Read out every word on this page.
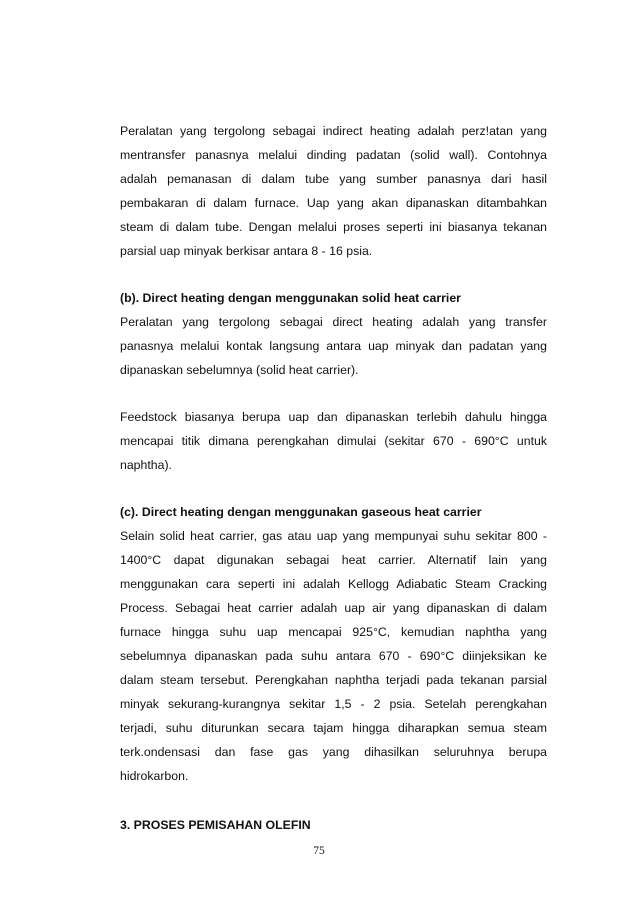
Peralatan yang tergolong sebagai indirect heating adalah perz!atan yang
mentransfer panasnya melalui dinding padatan (solid wall). Contohnya
adalah pemanasan di dalam tube yang sumber panasnya dari hasil
pembakaran di dalam furnace. Uap yang akan dipanaskan ditambahkan
steam di dalam tube. Dengan melalui proses seperti ini biasanya tekanan
parsial uap minyak berkisar antara 8 - 16 psia.
(b). Direct heating dengan menggunakan solid heat carrier
Peralatan yang tergolong sebagai direct heating adalah yang transfer
panasnya melalui kontak langsung antara uap minyak dan padatan yang
dipanaskan sebelumnya (solid heat carrier).
Feedstock biasanya berupa uap dan dipanaskan terlebih dahulu hingga
mencapai titik dimana perengkahan dimulai (sekitar 670 - 690°C untuk
naphtha).
(c). Direct heating dengan menggunakan gaseous heat carrier
Selain solid heat carrier, gas atau uap yang mempunyai suhu sekitar 800 -
1400°C dapat digunakan sebagai heat carrier. Alternatif lain yang
menggunakan cara seperti ini adalah Kellogg Adiabatic Steam Cracking
Process. Sebagai heat carrier adalah uap air yang dipanaskan di dalam
furnace hingga suhu uap mencapai 925°C, kemudian naphtha yang
sebelumnya dipanaskan pada suhu antara 670 - 690°C diinjeksikan ke
dalam steam tersebut. Perengkahan naphtha terjadi pada tekanan parsial
minyak sekurang-kurangnya sekitar 1,5 - 2 psia. Setelah perengkahan
terjadi, suhu diturunkan secara tajam hingga diharapkan semua steam
terk.ondensasi dan fase gas yang dihasilkan seluruhnya berupa
hidrokarbon.
3. PROSES PEMISAHAN OLEFIN
75
